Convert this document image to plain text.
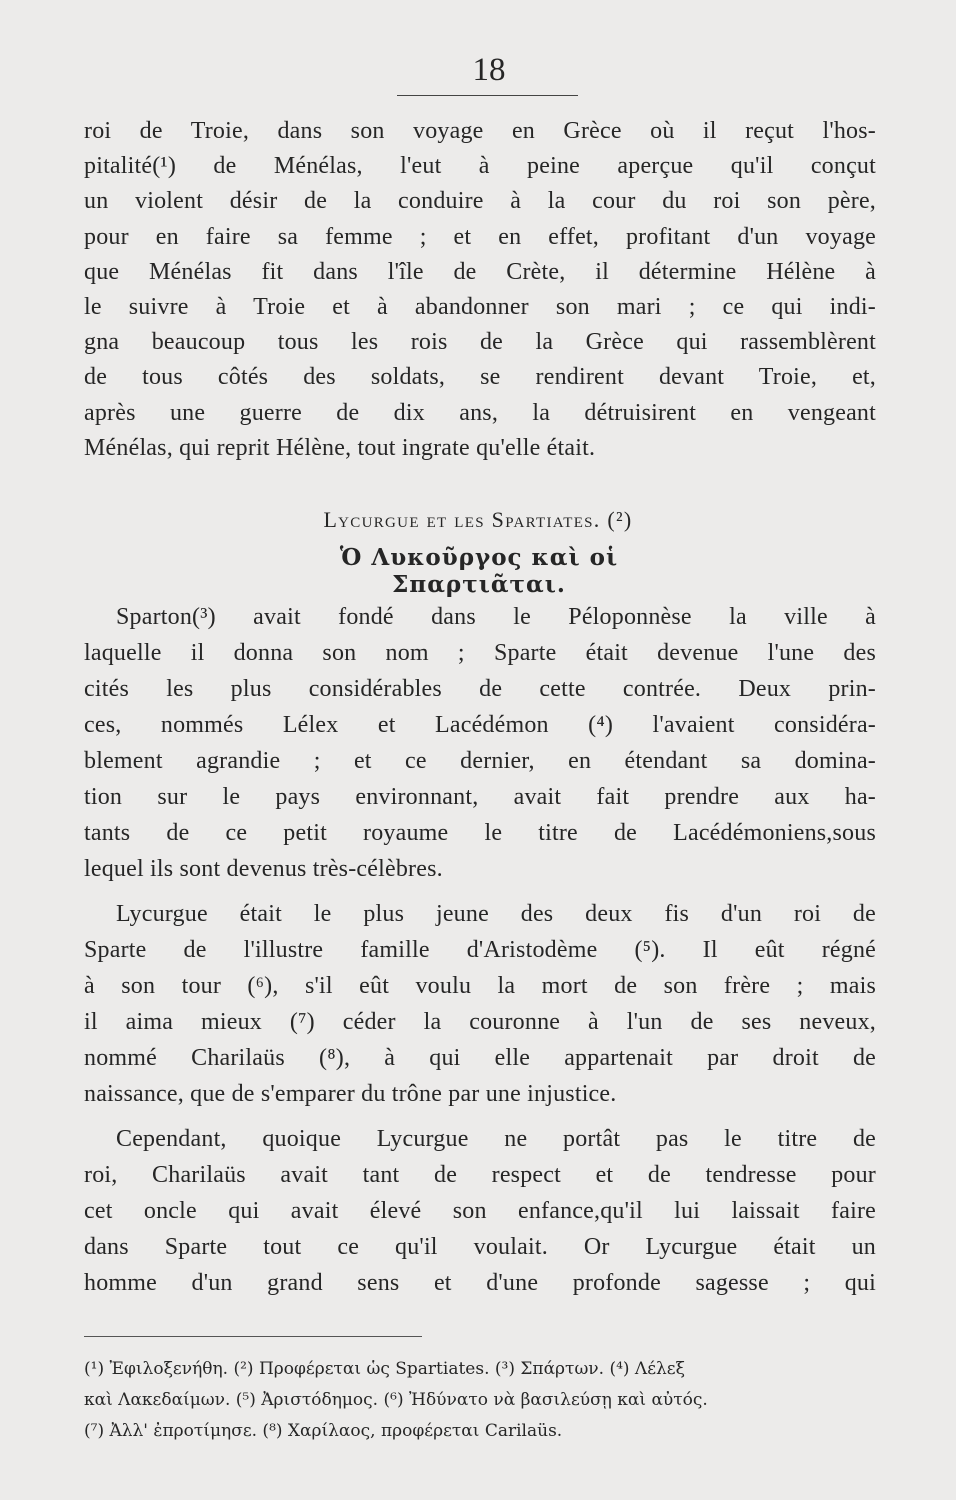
18
roi de Troie, dans son voyage en Grèce où il reçut l'hos-
pitalité(¹) de Ménélas, l'eut à peine aperçue qu'il conçut
un violent désir de la conduire à la cour du roi son père,
pour en faire sa femme ; et en effet, profitant d'un voyage
que Ménélas fit dans l'île de Crète, il détermine Hélène à
le suivre à Troie et à abandonner son mari ; ce qui indi-
gna beaucoup tous les rois de la Grèce qui rassemblèrent
de tous côtés des soldats, se rendirent devant Troie, et,
après une guerre de dix ans, la détruisirent en vengeant
Ménélas, qui reprit Hélène, tout ingrate qu'elle était.
Lycurgue et les Spartiates. (²)
Ὁ Λυκοῦργος καὶ οἱ Σπαρτιᾶται.
Sparton(³) avait fondé dans le Péloponnèse la ville à
laquelle il donna son nom ; Sparte était devenue l'une des
cités les plus considérables de cette contrée. Deux prin-
ces, nommés Lélex et Lacédémon (⁴) l'avaient considéra-
blement agrandie ; et ce dernier, en étendant sa domina-
tion sur le pays environnant, avait fait prendre aux ha-
tants de ce petit royaume le titre de Lacédémoniens,sous
lequel ils sont devenus très-célèbres.
Lycurgue était le plus jeune des deux fis d'un roi de
Sparte de l'illustre famille d'Aristodème (⁵). Il eût régné
à son tour (⁶), s'il eût voulu la mort de son frère ; mais
il aima mieux (⁷) céder la couronne à l'un de ses neveux,
nommé Charilaüs (⁸), à qui elle appartenait par droit de
naissance, que de s'emparer du trône par une injustice.
Cependant, quoique Lycurgue ne portât pas le titre de
roi, Charilaüs avait tant de respect et de tendresse pour
cet oncle qui avait élevé son enfance,qu'il lui laissait faire
dans Sparte tout ce qu'il voulait. Or Lycurgue était un
homme d'un grand sens et d'une profonde sagesse ; qui
(¹) Ἐφιλοξενήθη. (²) Προφέρεται ὡς Spartiates. (³) Σπάρτων. (⁴) Λέλεξ
καὶ Λακεδαίμων. (⁵) Ἀριστόδημος. (⁶) Ἠδύνατο νὰ βασιλεύσῃ καὶ αὐτός.
(⁷) Ἀλλ' ἐπροτίμησε. (⁸) Χαρίλαος, προφέρεται Carilaüs.
